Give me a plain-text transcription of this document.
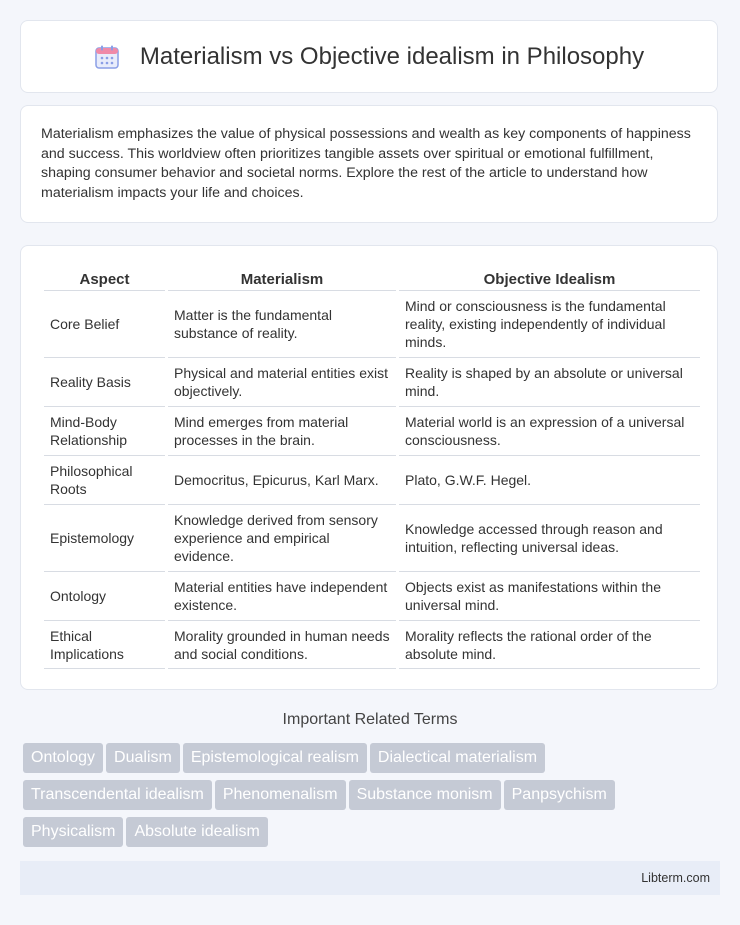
Materialism vs Objective idealism in Philosophy

Materialism emphasizes the value of physical possessions and wealth as key components of happiness and success. This worldview often prioritizes tangible assets over spiritual or emotional fulfillment, shaping consumer behavior and societal norms. Explore the rest of the article to understand how materialism impacts your life and choices.

Aspect	Materialism	Objective Idealism
Core Belief	Matter is the fundamental substance of reality.	Mind or consciousness is the fundamental reality, existing independently of individual minds.
Reality Basis	Physical and material entities exist objectively.	Reality is shaped by an absolute or universal mind.
Mind-Body Relationship	Mind emerges from material processes in the brain.	Material world is an expression of a universal consciousness.
Philosophical Roots	Democritus, Epicurus, Karl Marx.	Plato, G.W.F. Hegel.
Epistemology	Knowledge derived from sensory experience and empirical evidence.	Knowledge accessed through reason and intuition, reflecting universal ideas.
Ontology	Material entities have independent existence.	Objects exist as manifestations within the universal mind.
Ethical Implications	Morality grounded in human needs and social conditions.	Morality reflects the rational order of the absolute mind.
Important Related Terms
Ontology Dualism Epistemological realism Dialectical materialism
Transcendental idealism Phenomenalism Substance monism Panpsychism
Physicalism Absolute idealism
Libterm.com
